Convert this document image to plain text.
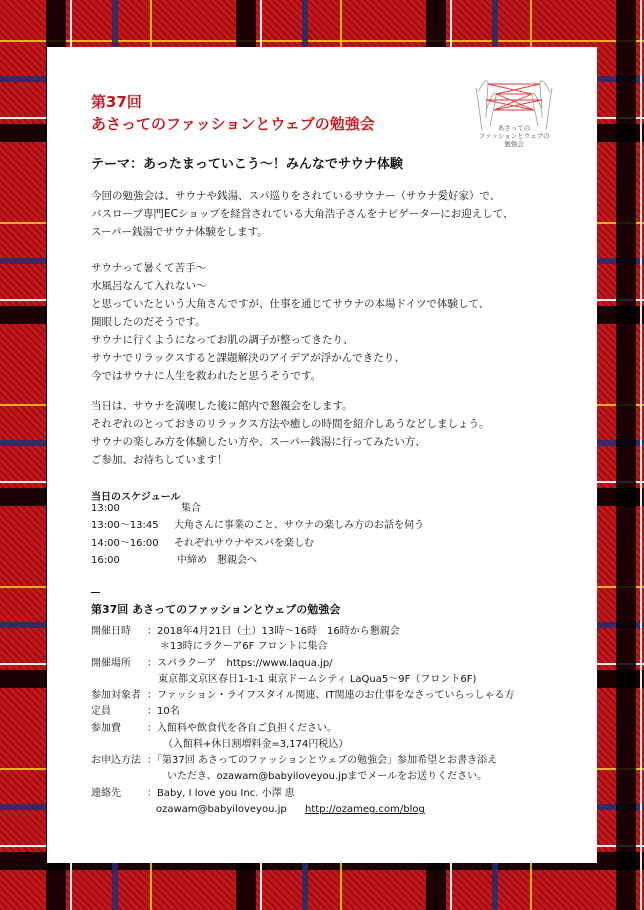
第37回
あさってのファッションとウェブの勉強会	あさっての
ファッションとウェブの
勉強会
テーマ：あったまっていこう〜！みんなでサウナ体験
今回の勉強会は、サウナや銭湯、スパ巡りをされているサウナー（サウナ愛好家）で、
バスローブ専門ECショップを経営されている大角浩子さんをナビゲーターにお迎えして、
スーパー銭湯でサウナ体験をします。
サウナって暑くて苦手〜
水風呂なんて入れない〜
と思っていたという大角さんですが、仕事を通じてサウナの本場ドイツで体験して、
開眼したのだそうです。
サウナに行くようになってお肌の調子が整ってきたり、
サウナでリラックスすると課題解決のアイデアが浮かんできたり、
今ではサウナに人生を救われたと思うそうです。
当日は、サウナを満喫した後に館内で懇親会をします。
それぞれのとっておきのリラックス方法や癒しの時間を紹介しあうなどしましょう。
サウナの楽しみ方を体験したい方や、スーパー銭湯に行ってみたい方、
ご参加、お待ちしています！
当日のスケジュール
13:00	集合
13:00〜13:45 大角さんに事業のこと、サウナの楽しみ方のお話を伺う
14:00〜16:00 それぞれサウナやスパを楽しむ
16:00	中締め　懇親会へ
第37回 あさってのファッションとウェブの勉強会
開催日時 ：2018年4月21日（土）13時〜16時　16時から懇親会
＊13時にラクーア6F フロントに集合
開催場所 ：スパラクーア　https://www.laqua.jp/
東京都文京区春日1-1-1 東京ドームシティ LaQua5〜9F（フロント6F)
参加対象者 ：ファッション・ライフスタイル関連、IT関連のお仕事をなさっていらっしゃる方
定員	：10名
参加費	：入館料や飲食代を各自ご負担ください。
（入館料+休日割増料金=3,174円税込）
お申込方法 ：「第37回 あさってのファッションとウェブの勉強会」参加希望とお書き添え
いただき、ozawam@babyiloveyou.jpまでメールをお送りください。
連絡先	：Baby, I love you Inc. 小澤 恵
ozawam@babyiloveyou.jp http://ozameg.com/blog
